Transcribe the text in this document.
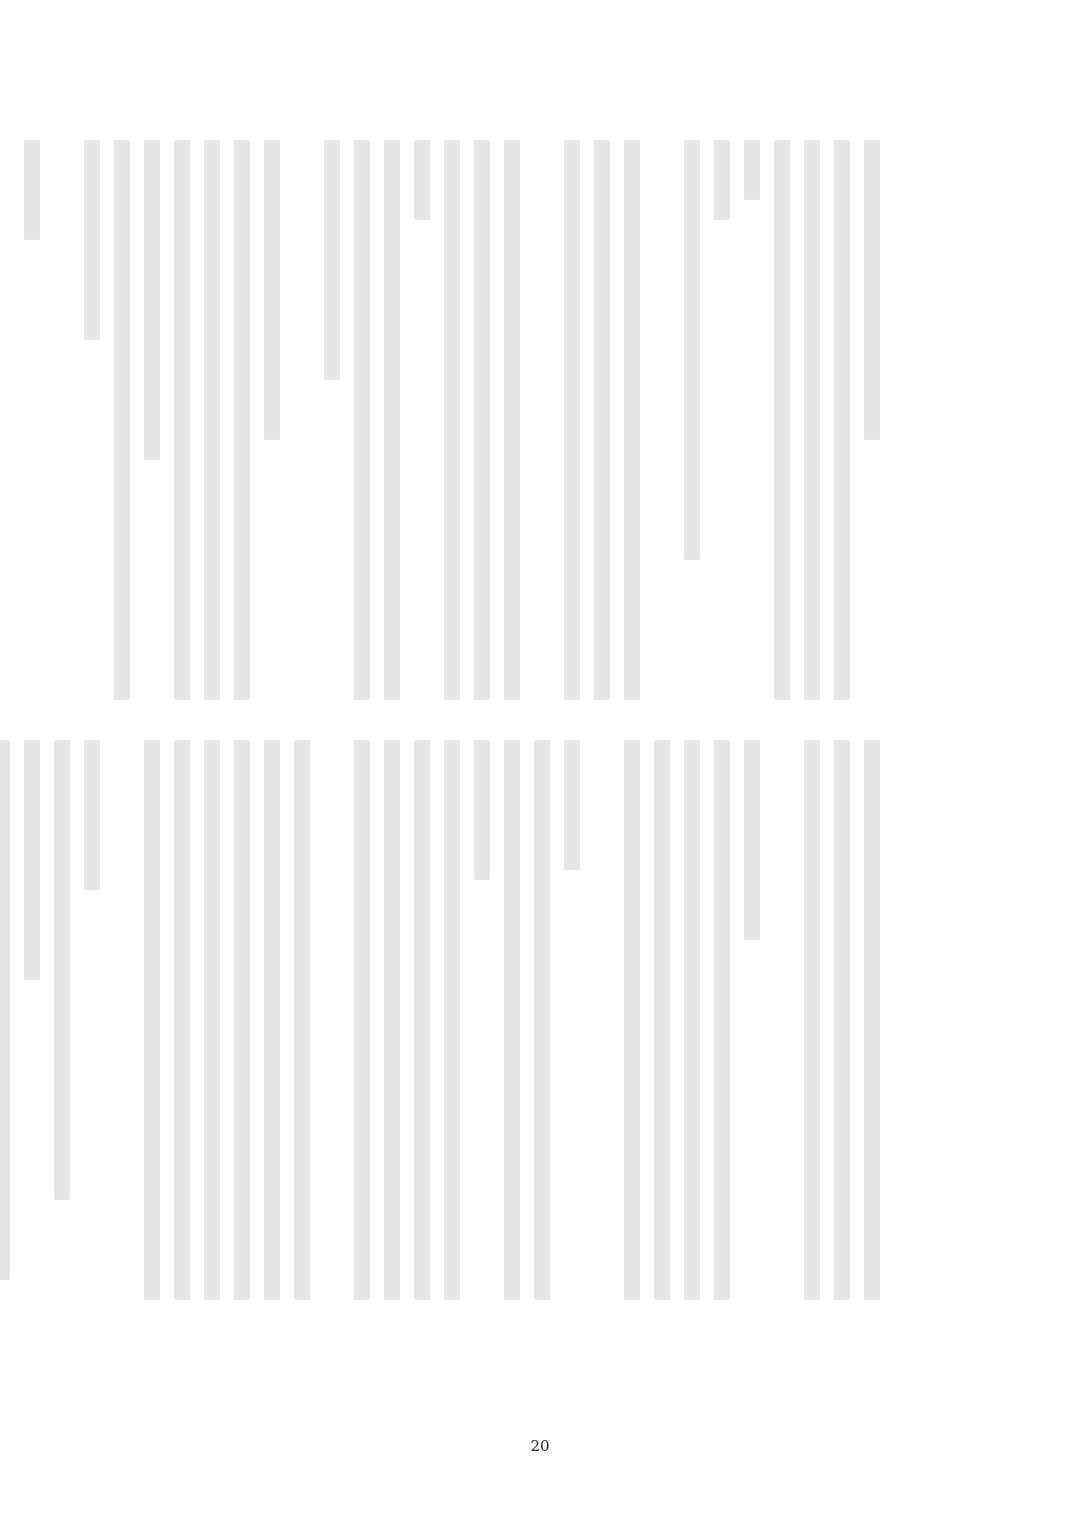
20
